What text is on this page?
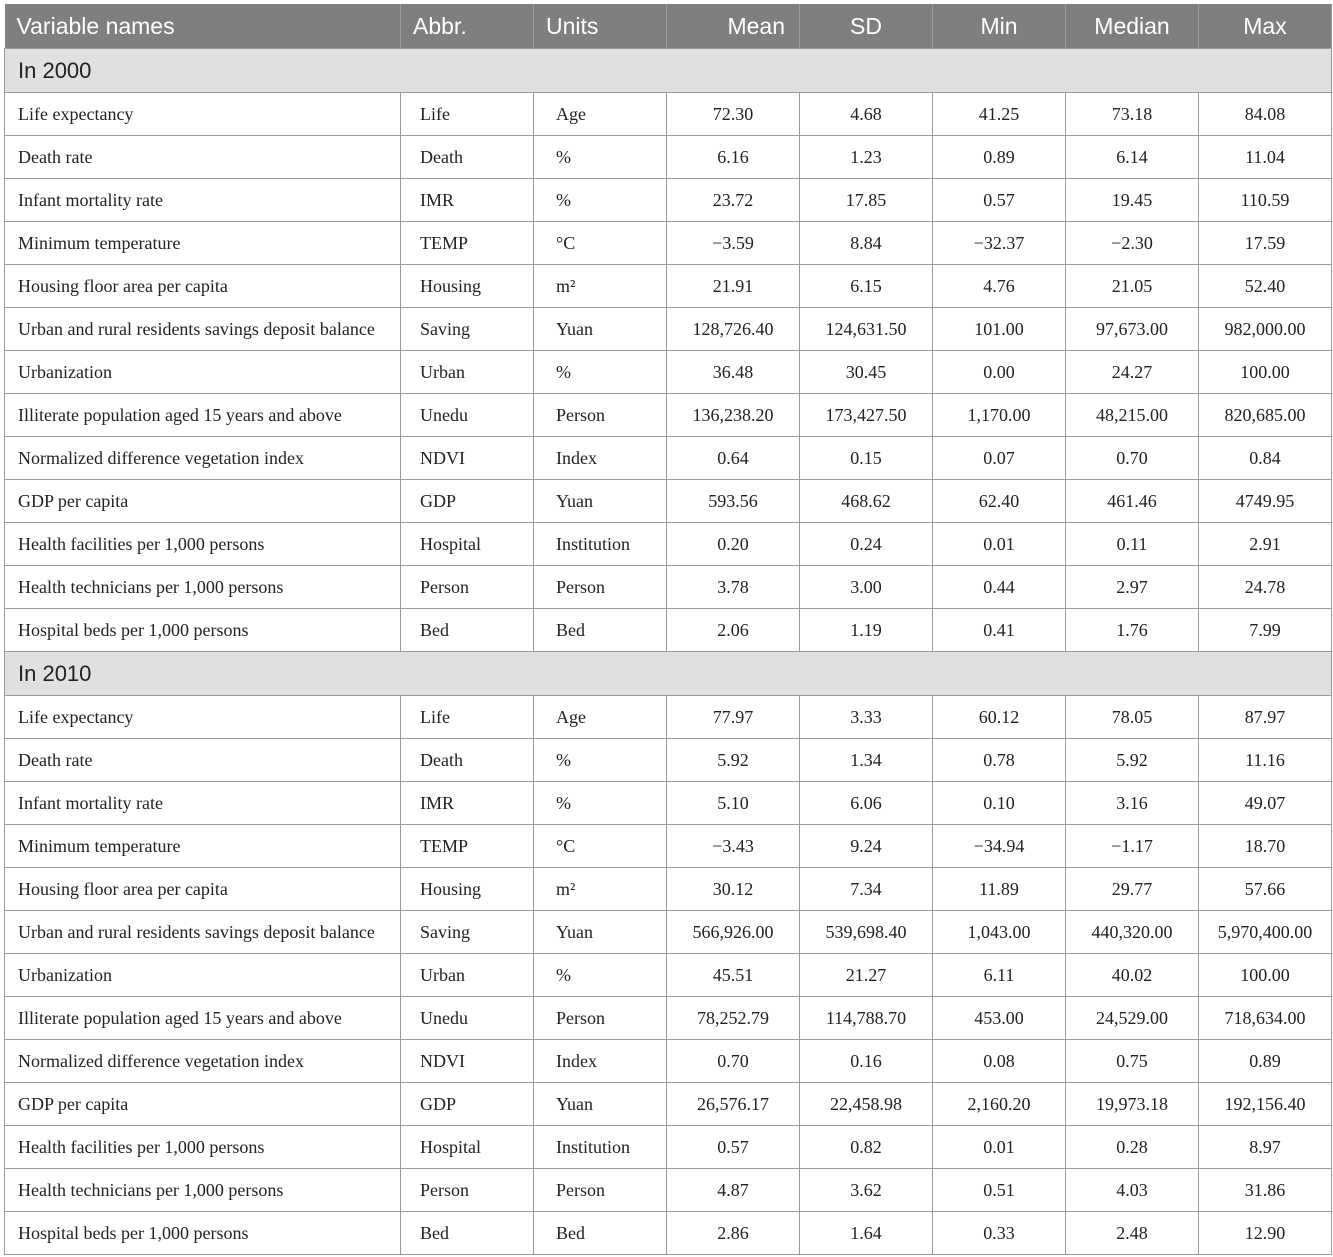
Variable names	Abbr.	Units	Mean	SD	Min	Median	Max
In 2000							
Life expectancy	Life	Age	72.30	4.68	41.25	73.18	84.08
Death rate	Death	%	6.16	1.23	0.89	6.14	11.04
Infant mortality rate	IMR	%	23.72	17.85	0.57	19.45	110.59
Minimum temperature	TEMP	°C	−3.59	8.84	−32.37	−2.30	17.59
Housing floor area per capita	Housing	m²	21.91	6.15	4.76	21.05	52.40
Urban and rural residents savings deposit balance	Saving	Yuan	128,726.40	124,631.50	101.00	97,673.00	982,000.00
Urbanization	Urban	%	36.48	30.45	0.00	24.27	100.00
Illiterate population aged 15 years and above	Unedu	Person	136,238.20	173,427.50	1,170.00	48,215.00	820,685.00
Normalized difference vegetation index	NDVI	Index	0.64	0.15	0.07	0.70	0.84
GDP per capita	GDP	Yuan	593.56	468.62	62.40	461.46	4749.95
Health facilities per 1,000 persons	Hospital	Institution	0.20	0.24	0.01	0.11	2.91
Health technicians per 1,000 persons	Person	Person	3.78	3.00	0.44	2.97	24.78
Hospital beds per 1,000 persons	Bed	Bed	2.06	1.19	0.41	1.76	7.99
In 2010							
Life expectancy	Life	Age	77.97	3.33	60.12	78.05	87.97
Death rate	Death	%	5.92	1.34	0.78	5.92	11.16
Infant mortality rate	IMR	%	5.10	6.06	0.10	3.16	49.07
Minimum temperature	TEMP	°C	−3.43	9.24	−34.94	−1.17	18.70
Housing floor area per capita	Housing	m²	30.12	7.34	11.89	29.77	57.66
Urban and rural residents savings deposit balance	Saving	Yuan	566,926.00	539,698.40	1,043.00	440,320.00	5,970,400.00
Urbanization	Urban	%	45.51	21.27	6.11	40.02	100.00
Illiterate population aged 15 years and above	Unedu	Person	78,252.79	114,788.70	453.00	24,529.00	718,634.00
Normalized difference vegetation index	NDVI	Index	0.70	0.16	0.08	0.75	0.89
GDP per capita	GDP	Yuan	26,576.17	22,458.98	2,160.20	19,973.18	192,156.40
Health facilities per 1,000 persons	Hospital	Institution	0.57	0.82	0.01	0.28	8.97
Health technicians per 1,000 persons	Person	Person	4.87	3.62	0.51	4.03	31.86
Hospital beds per 1,000 persons	Bed	Bed	2.86	1.64	0.33	2.48	12.90
